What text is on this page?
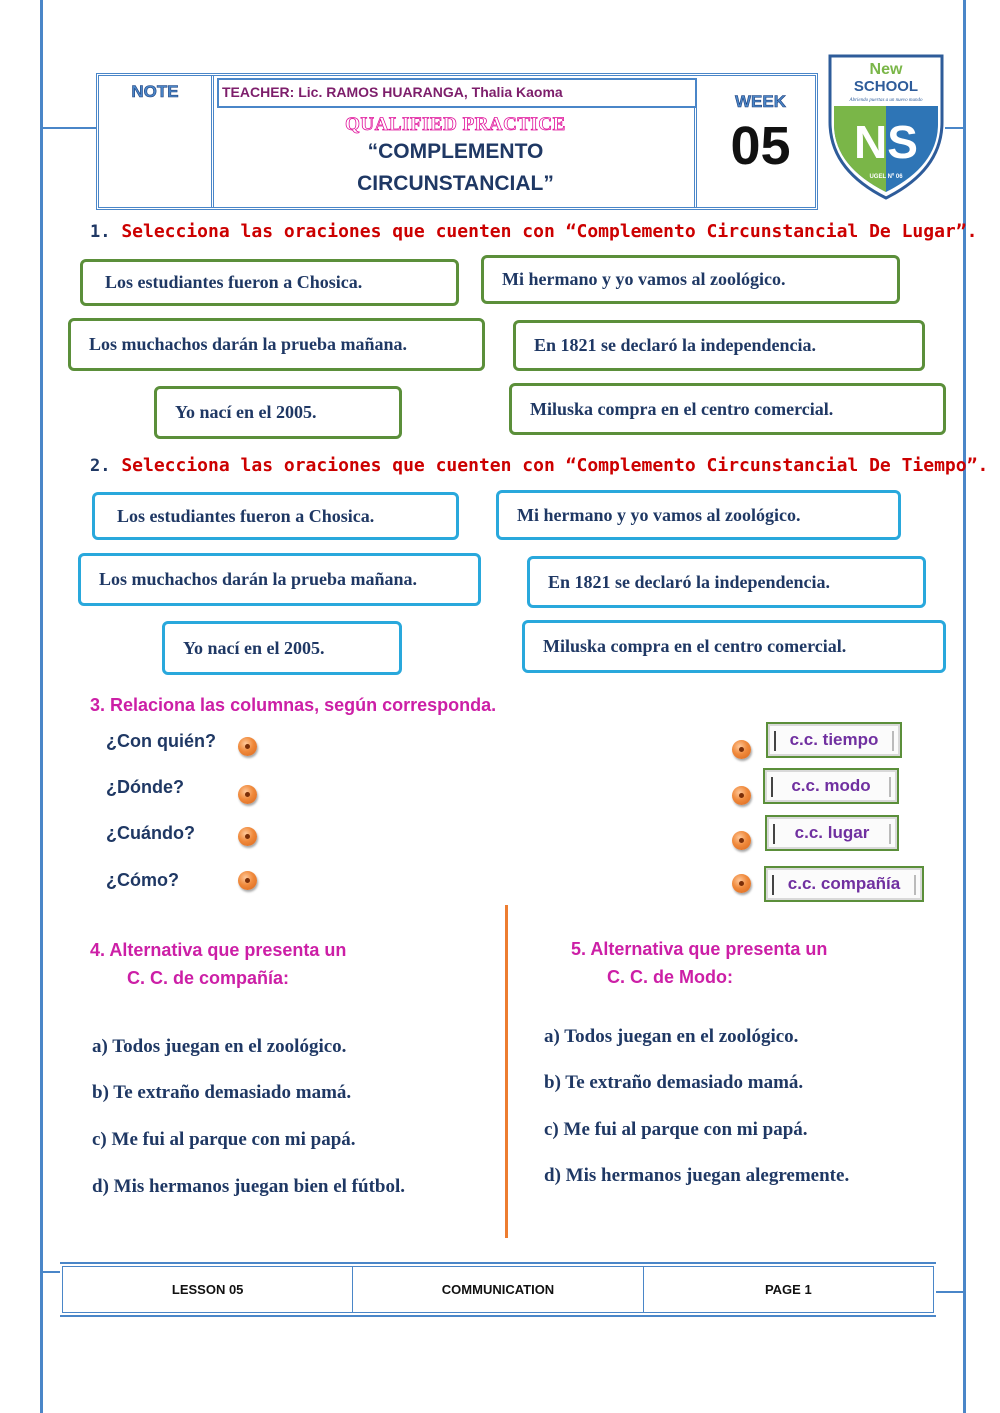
NOTE	TEACHER: Lic. RAMOS HUARANGA, Thalia Kaoma
QUALIFIED PRACTICE
“COMPLEMENTO
CIRCUNSTANCIAL”
WEEK
05
New
SCHOOL
Abriendo puertas a un nuevo mundo
NS
UGEL Nº 06
1. Selecciona las oraciones que cuenten con “Complemento Circunstancial De Lugar”.
Los estudiantes fueron a Chosica.	Mi hermano y yo vamos al zoológico.
Los muchachos darán la prueba mañana.	En 1821 se declaró la independencia.
Yo nací en el 2005.	Miluska compra en el centro comercial.
2. Selecciona las oraciones que cuenten con “Complemento Circunstancial De Tiempo”.
Los estudiantes fueron a Chosica.	Mi hermano y yo vamos al zoológico.
Los muchachos darán la prueba mañana.	En 1821 se declaró la independencia.
Yo nací en el 2005.	Miluska compra en el centro comercial.
3. Relaciona las columnas, según corresponda.
¿Con quién?
¿Dónde?
¿Cuándo?
¿Cómo?
c.c. tiempo
c.c. modo
c.c. lugar
c.c. compañía
4. Alternativa que presenta un
C. C. de compañía:
a) Todos juegan en el zoológico.
b) Te extraño demasiado mamá.
c) Me fui al parque con mi papá.
d) Mis hermanos juegan bien el fútbol.
5. Alternativa que presenta un
C. C. de Modo:
a) Todos juegan en el zoológico.
b) Te extraño demasiado mamá.
c) Me fui al parque con mi papá.
d) Mis hermanos juegan alegremente.
LESSON 05	COMMUNICATION	PAGE 1
